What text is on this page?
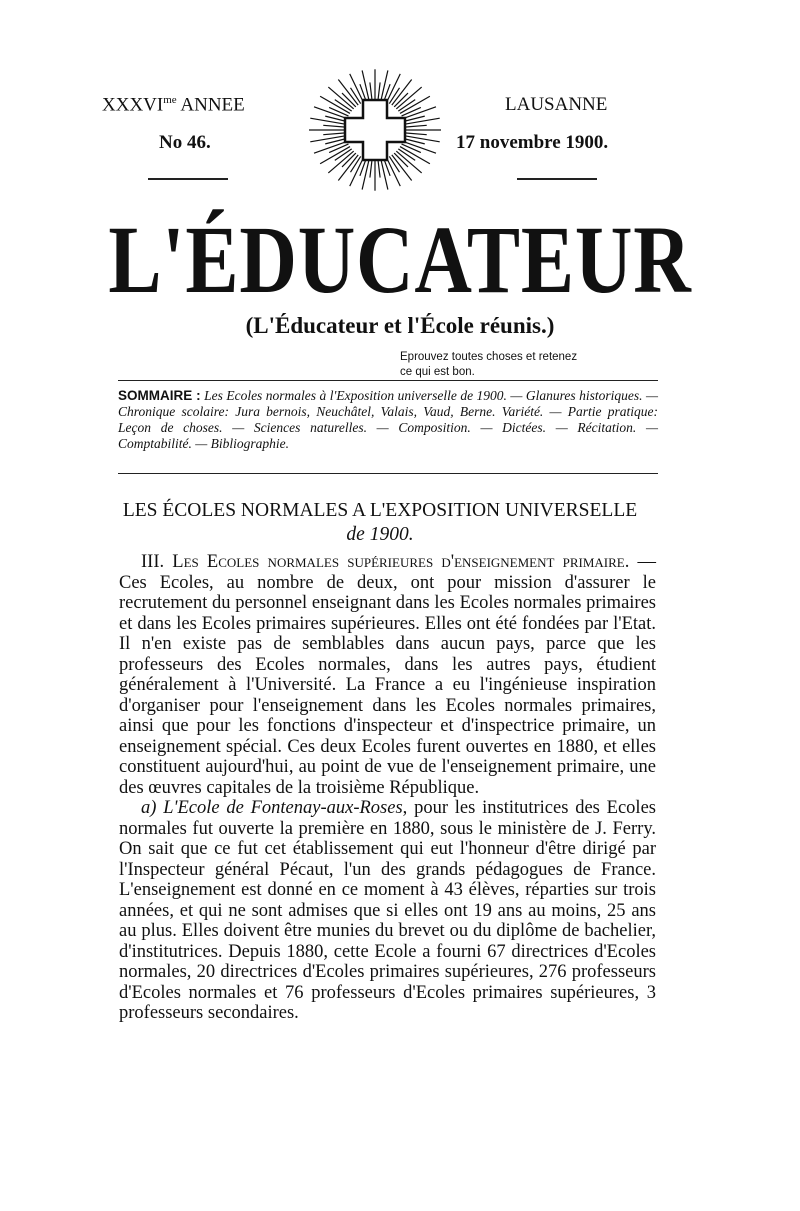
$XXXVI^{me}$ ANNEE
No 46.
LAUSANNE
17 novembre 1900.
L'ÉDUCATEUR
(L'Éducateur et l'École réunis.)
Eprouvez toutes choses et retenez
ce qui est bon.
SOMMAIRE : Les Ecoles normales à l'Exposition universelle de 1900. — Glanures historiques. — Chronique scolaire: Jura bernois, Neuchâtel, Valais, Vaud, Berne. Variété. — Partie pratique: Leçon de choses. — Sciences naturelles. — Composition. — Dictées. — Récitation. — Comptabilité. — Bibliographie.
LES ÉCOLES NORMALES A L'EXPOSITION UNIVERSELLE
de 1900.

III. Les Ecoles normales supérieures d'enseignement primaire. — Ces Ecoles, au nombre de deux, ont pour mission d'assurer le recrutement du personnel enseignant dans les Ecoles normales primaires et dans les Ecoles primaires supérieures. Elles ont été fondées par l'Etat. Il n'en existe pas de semblables dans aucun pays, parce que les professeurs des Ecoles normales, dans les autres pays, étudient généralement à l'Université. La France a eu l'ingénieuse inspiration d'organiser pour l'enseignement dans les Ecoles normales primaires, ainsi que pour les fonctions d'inspecteur et d'inspectrice primaire, un enseignement spécial. Ces deux Ecoles furent ouvertes en 1880, et elles constituent aujourd'hui, au point de vue de l'enseignement primaire, une des œuvres capitales de la troisième République.

a) L'Ecole de Fontenay-aux-Roses, pour les institutrices des Ecoles normales fut ouverte la première en 1880, sous le ministère de J. Ferry. On sait que ce fut cet établissement qui eut l'honneur d'être dirigé par l'Inspecteur général Pécaut, l'un des grands pédagogues de France. L'enseignement est donné en ce moment à 43 élèves, réparties sur trois années, et qui ne sont admises que si elles ont 19 ans au moins, 25 ans au plus. Elles doivent être munies du brevet ou du diplôme de bachelier, d'institutrices. Depuis 1880, cette Ecole a fourni 67 directrices d'Ecoles normales, 20 directrices d'Ecoles primaires supérieures, 276 professeurs d'Ecoles normales et 76 professeurs d'Ecoles primaires supérieures, 3 professeurs secondaires.
